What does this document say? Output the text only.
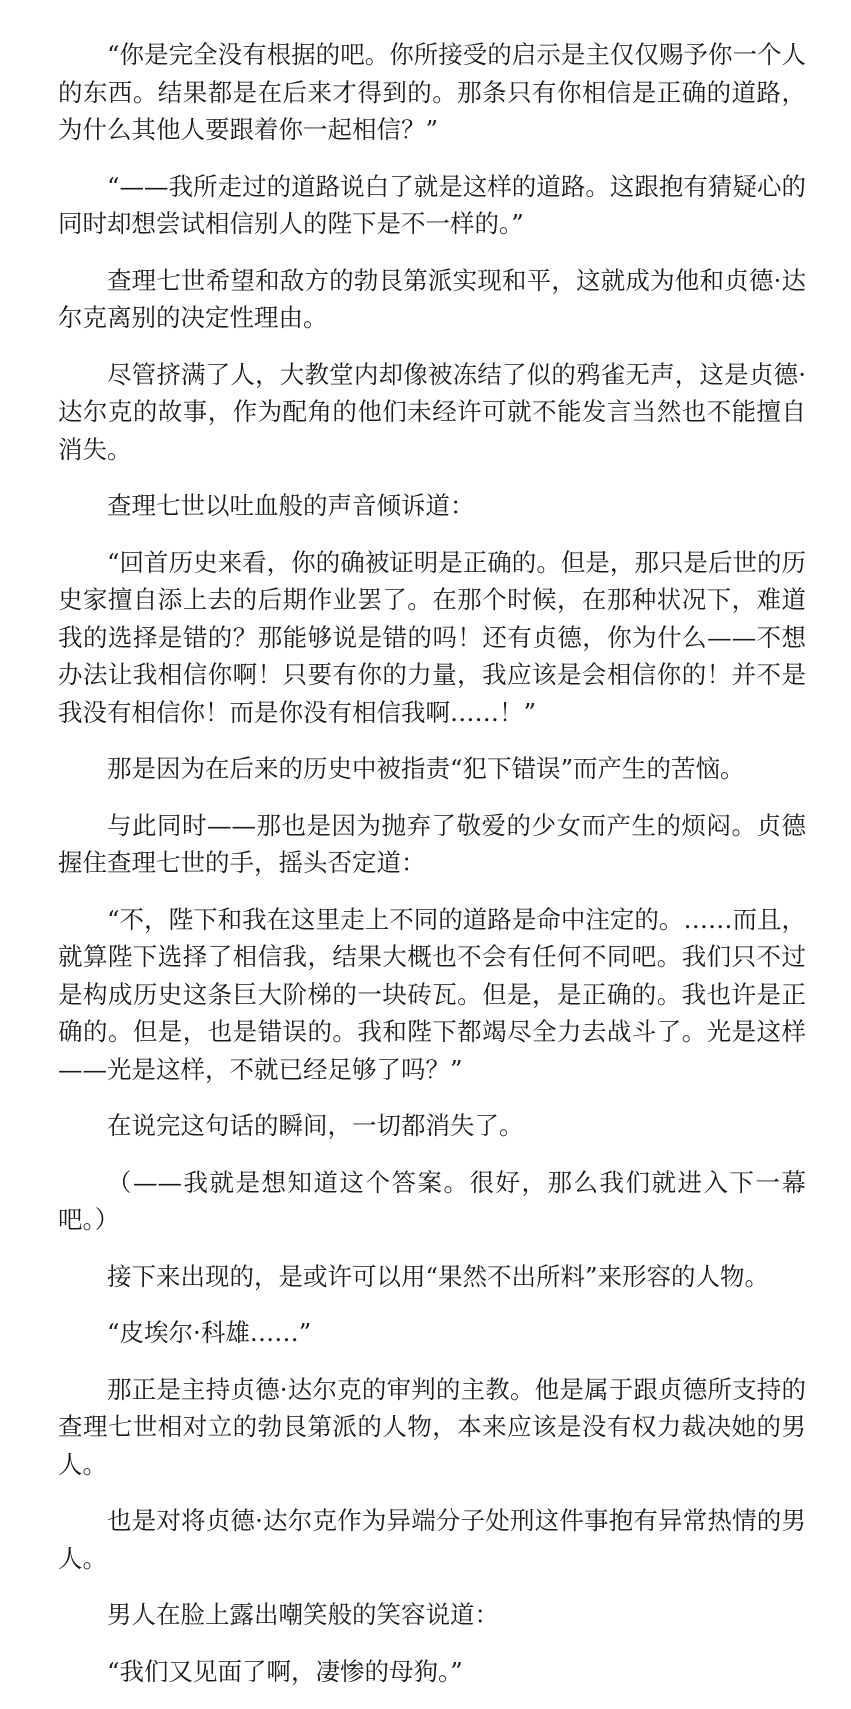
“你是完全没有根据的吧。你所接受的启示是主仅仅赐予你一个人的东西。结果都是在后来才得到的。那条只有你相信是正确的道路，为什么其他人要跟着你一起相信？”

“——我所走过的道路说白了就是这样的道路。这跟抱有猜疑心的同时却想尝试相信别人的陛下是不一样的。”

查理七世希望和敌方的勃艮第派实现和平，这就成为他和贞德·达尔克离别的决定性理由。

尽管挤满了人，大教堂内却像被冻结了似的鸦雀无声，这是贞德·达尔克的故事，作为配角的他们未经许可就不能发言当然也不能擅自消失。

查理七世以吐血般的声音倾诉道：

“回首历史来看，你的确被证明是正确的。但是，那只是后世的历史家擅自添上去的后期作业罢了。在那个时候，在那种状况下，难道我的选择是错的？那能够说是错的吗！还有贞德，你为什么——不想办法让我相信你啊！只要有你的力量，我应该是会相信你的！并不是我没有相信你！而是你没有相信我啊……！”

那是因为在后来的历史中被指责“犯下错误”而产生的苦恼。

与此同时——那也是因为抛弃了敬爱的少女而产生的烦闷。贞德握住查理七世的手，摇头否定道：

“不，陛下和我在这里走上不同的道路是命中注定的。……而且，就算陛下选择了相信我，结果大概也不会有任何不同吧。我们只不过是构成历史这条巨大阶梯的一块砖瓦。但是，是正确的。我也许是正确的。但是，也是错误的。我和陛下都竭尽全力去战斗了。光是这样——光是这样，不就已经足够了吗？”

在说完这句话的瞬间，一切都消失了。

（——我就是想知道这个答案。很好，那么我们就进入下一幕吧。）

接下来出现的，是或许可以用“果然不出所料”来形容的人物。

“皮埃尔·科雄……”

那正是主持贞德·达尔克的审判的主教。他是属于跟贞德所支持的查理七世相对立的勃艮第派的人物，本来应该是没有权力裁决她的男人。

也是对将贞德·达尔克作为异端分子处刑这件事抱有异常热情的男人。

男人在脸上露出嘲笑般的笑容说道：

“我们又见面了啊，凄惨的母狗。”
